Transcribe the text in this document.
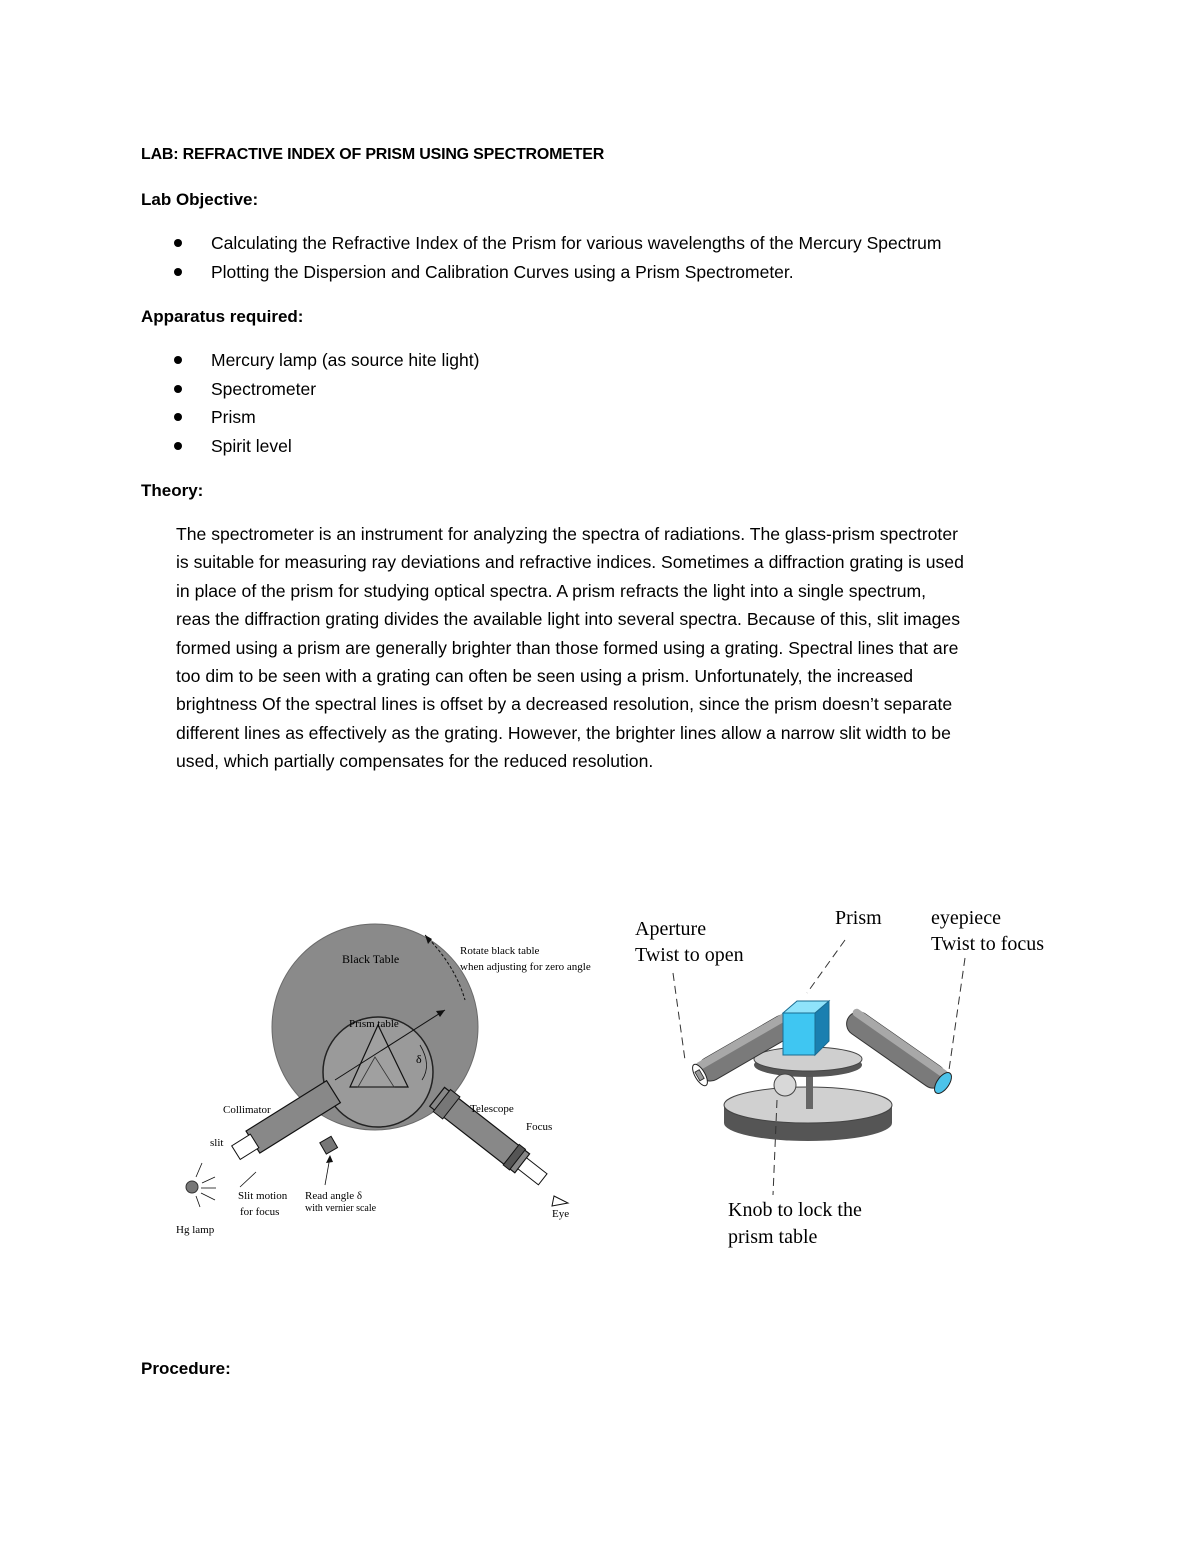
LAB: REFRACTIVE INDEX OF PRISM USING SPECTROMETER
Lab Objective:
Calculating the Refractive Index of the Prism for various wavelengths of the Mercury Spectrum
Plotting the Dispersion and Calibration Curves using a Prism Spectrometer.
Apparatus required:
Mercury lamp (as source hite light)
Spectrometer
Prism
Spirit level
Theory:

The spectrometer is an instrument for analyzing the spectra of radiations. The glass-prism spectroter

is suitable for measuring ray deviations and refractive indices. Sometimes a diffraction grating is used

in place of the prism for studying optical spectra. A prism refracts the light into a single spectrum,

reas the diffraction grating divides the available light into several spectra. Because of this, slit images

formed using a prism are generally brighter than those formed using a grating. Spectral lines that are

too dim to be seen with a grating can often be seen using a prism. Unfortunately, the increased

brightness Of the spectral lines is offset by a decreased resolution, since the prism doesn’t separate

different lines as effectively as the grating. However, the brighter lines allow a narrow slit width to be

used, which partially compensates for the reduced resolution.

Black Table
Rotate black table
when adjusting for zero angle
Prism table
δ
Collimator
slit
Telescope
Focus
Slit motion
for focus
Read angle δ
with vernier scale
Hg lamp
Eye
Aperture
Twist to open
Prism eyepiece
Twist to focus
Knob to lock the
prism table
Procedure:
